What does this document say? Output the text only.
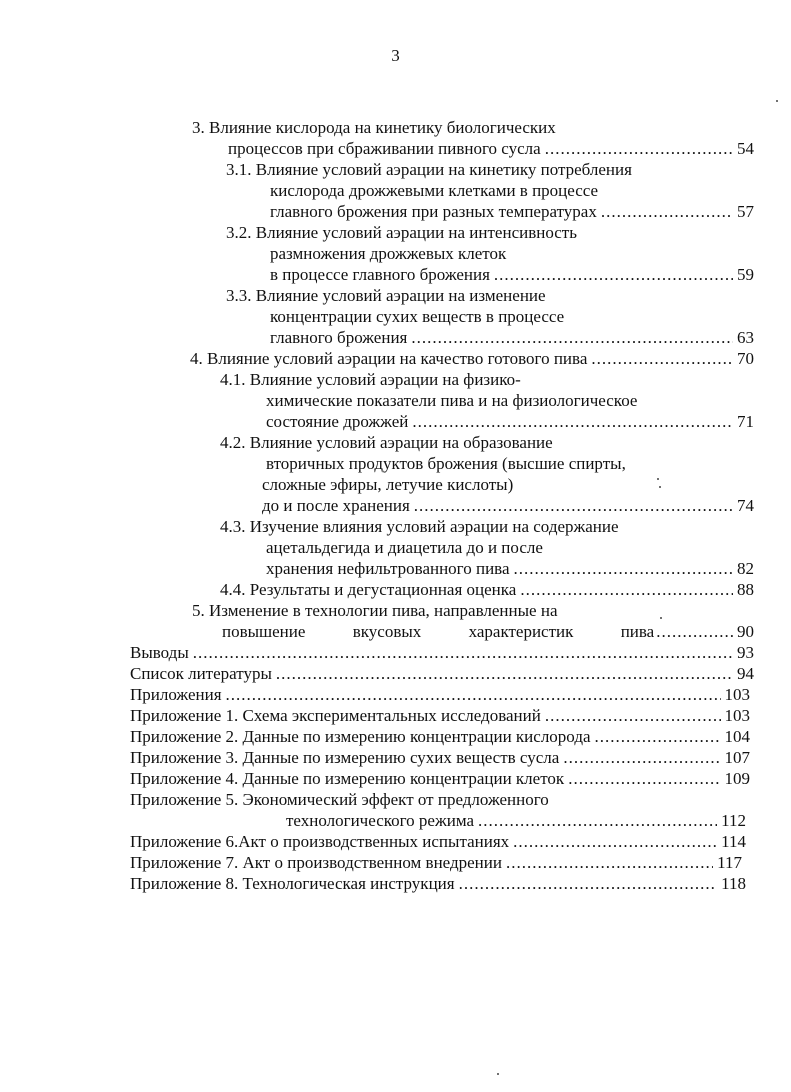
3
3. Влияние кислорода на кинетику биологических
процессов при сбраживании пивного сусла .....	54
3.1. Влияние условий аэрации на кинетику потребления
кислорода дрожжевыми клетками в процессе
главного брожения при разных температурах .....	57
3.2. Влияние условий аэрации на интенсивность
размножения дрожжевых клеток
в процессе главного брожения .....	59
3.3. Влияние условий аэрации на изменение
концентрации сухих веществ в процессе
главного брожения .....	63
4. Влияние условий аэрации на качество готового пива .....	70
4.1. Влияние условий аэрации на физико-
химические показатели пива и на физиологическое
состояние дрожжей .....	71
4.2. Влияние условий аэрации на образование
вторичных продуктов брожения (высшие спирты,
сложные эфиры, летучие кислоты)
до и после хранения .....	74
4.3. Изучение влияния условий аэрации на содержание
ацетальдегида и диацетила до и после
хранения нефильтрованного пива .....	82
4.4. Результаты и дегустационная оценка .....	88
5. Изменение в технологии пива, направленные на
повышение	вкусовых	характеристик	пива ............... 90
Выводы .....	93
Список литературы .....	94
Приложения .....	103
Приложение 1. Схема экспериментальных исследований .....	103
Приложение 2. Данные по измерению концентрации кислорода .....	104
Приложение 3. Данные по измерению сухих веществ сусла .....	107
Приложение 4. Данные по измерению концентрации клеток .....	109
Приложение 5. Экономический эффект от предложенного
технологического режима .....	112
Приложение 6.Акт о производственных испытаниях .....	114
Приложение 7. Акт о производственном внедрении .....	117
Приложение 8. Технологическая инструкция .....	118
